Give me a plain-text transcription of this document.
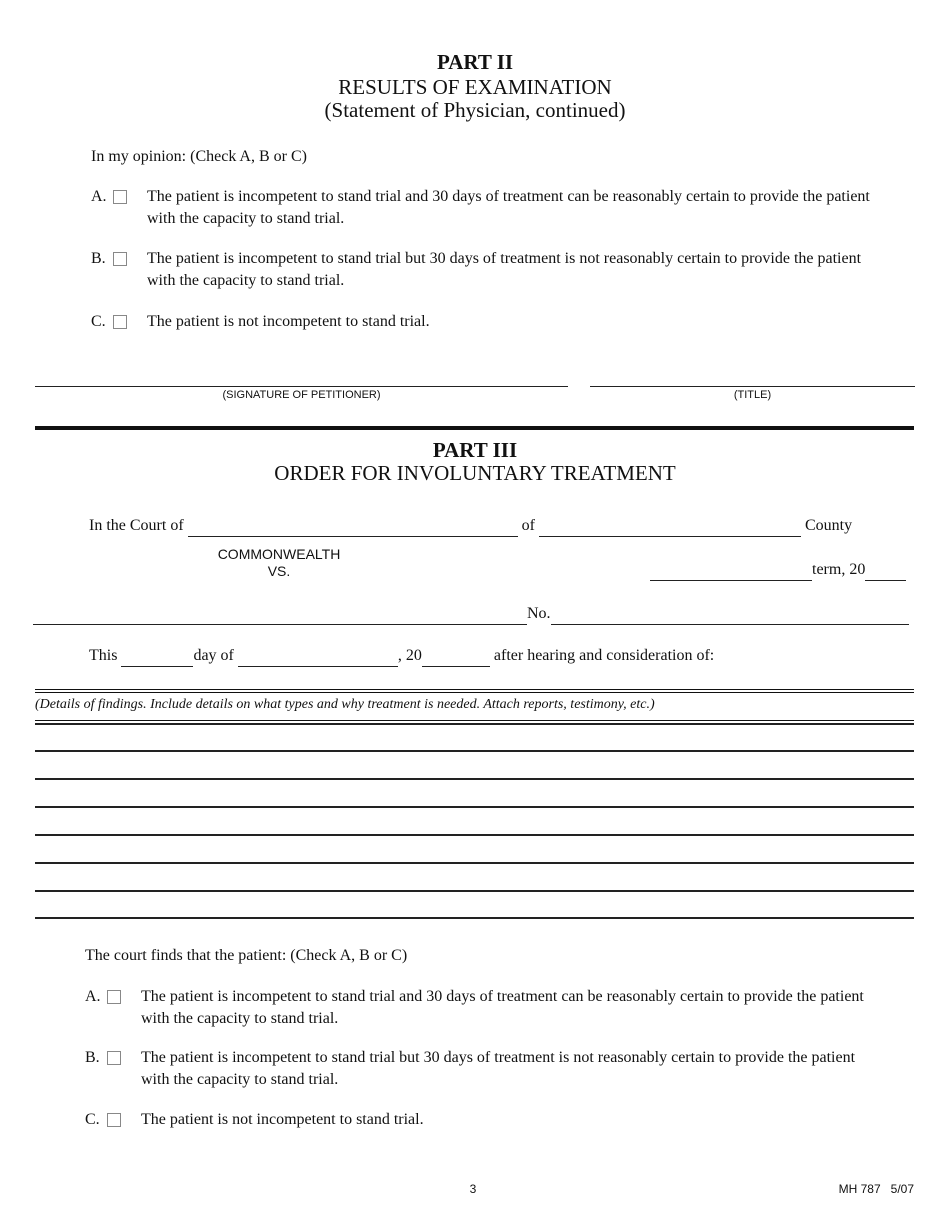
PART II
RESULTS OF EXAMINATION
(Statement of Physician, continued)
In my opinion: (Check A, B or C)
A.	The patient is incompetent to stand trial and 30 days of treatment can be reasonably certain to provide the patient with the capacity to stand trial.
B.	The patient is incompetent to stand trial but 30 days of treatment is not reasonably certain to provide the patient with the capacity to stand trial.
C.	The patient is not incompetent to stand trial.
(SIGNATURE OF PETITIONER)	(TITLE)
PART III
ORDER FOR INVOLUNTARY TREATMENT
In the Court of	of	County
COMMONWEALTH
VS.	term, 20
No.
This	day of	, 20	after hearing and consideration of:
(Details of findings. Include details on what types and why treatment is needed. Attach reports, testimony, etc.)
The court finds that the patient: (Check A, B or C)
A.	The patient is incompetent to stand trial and 30 days of treatment can be reasonably certain to provide the patient with the capacity to stand trial.
B.	The patient is incompetent to stand trial but 30 days of treatment is not reasonably certain to provide the patient with the capacity to stand trial.
C.	The patient is not incompetent to stand trial.
3	MH 787   5/07
